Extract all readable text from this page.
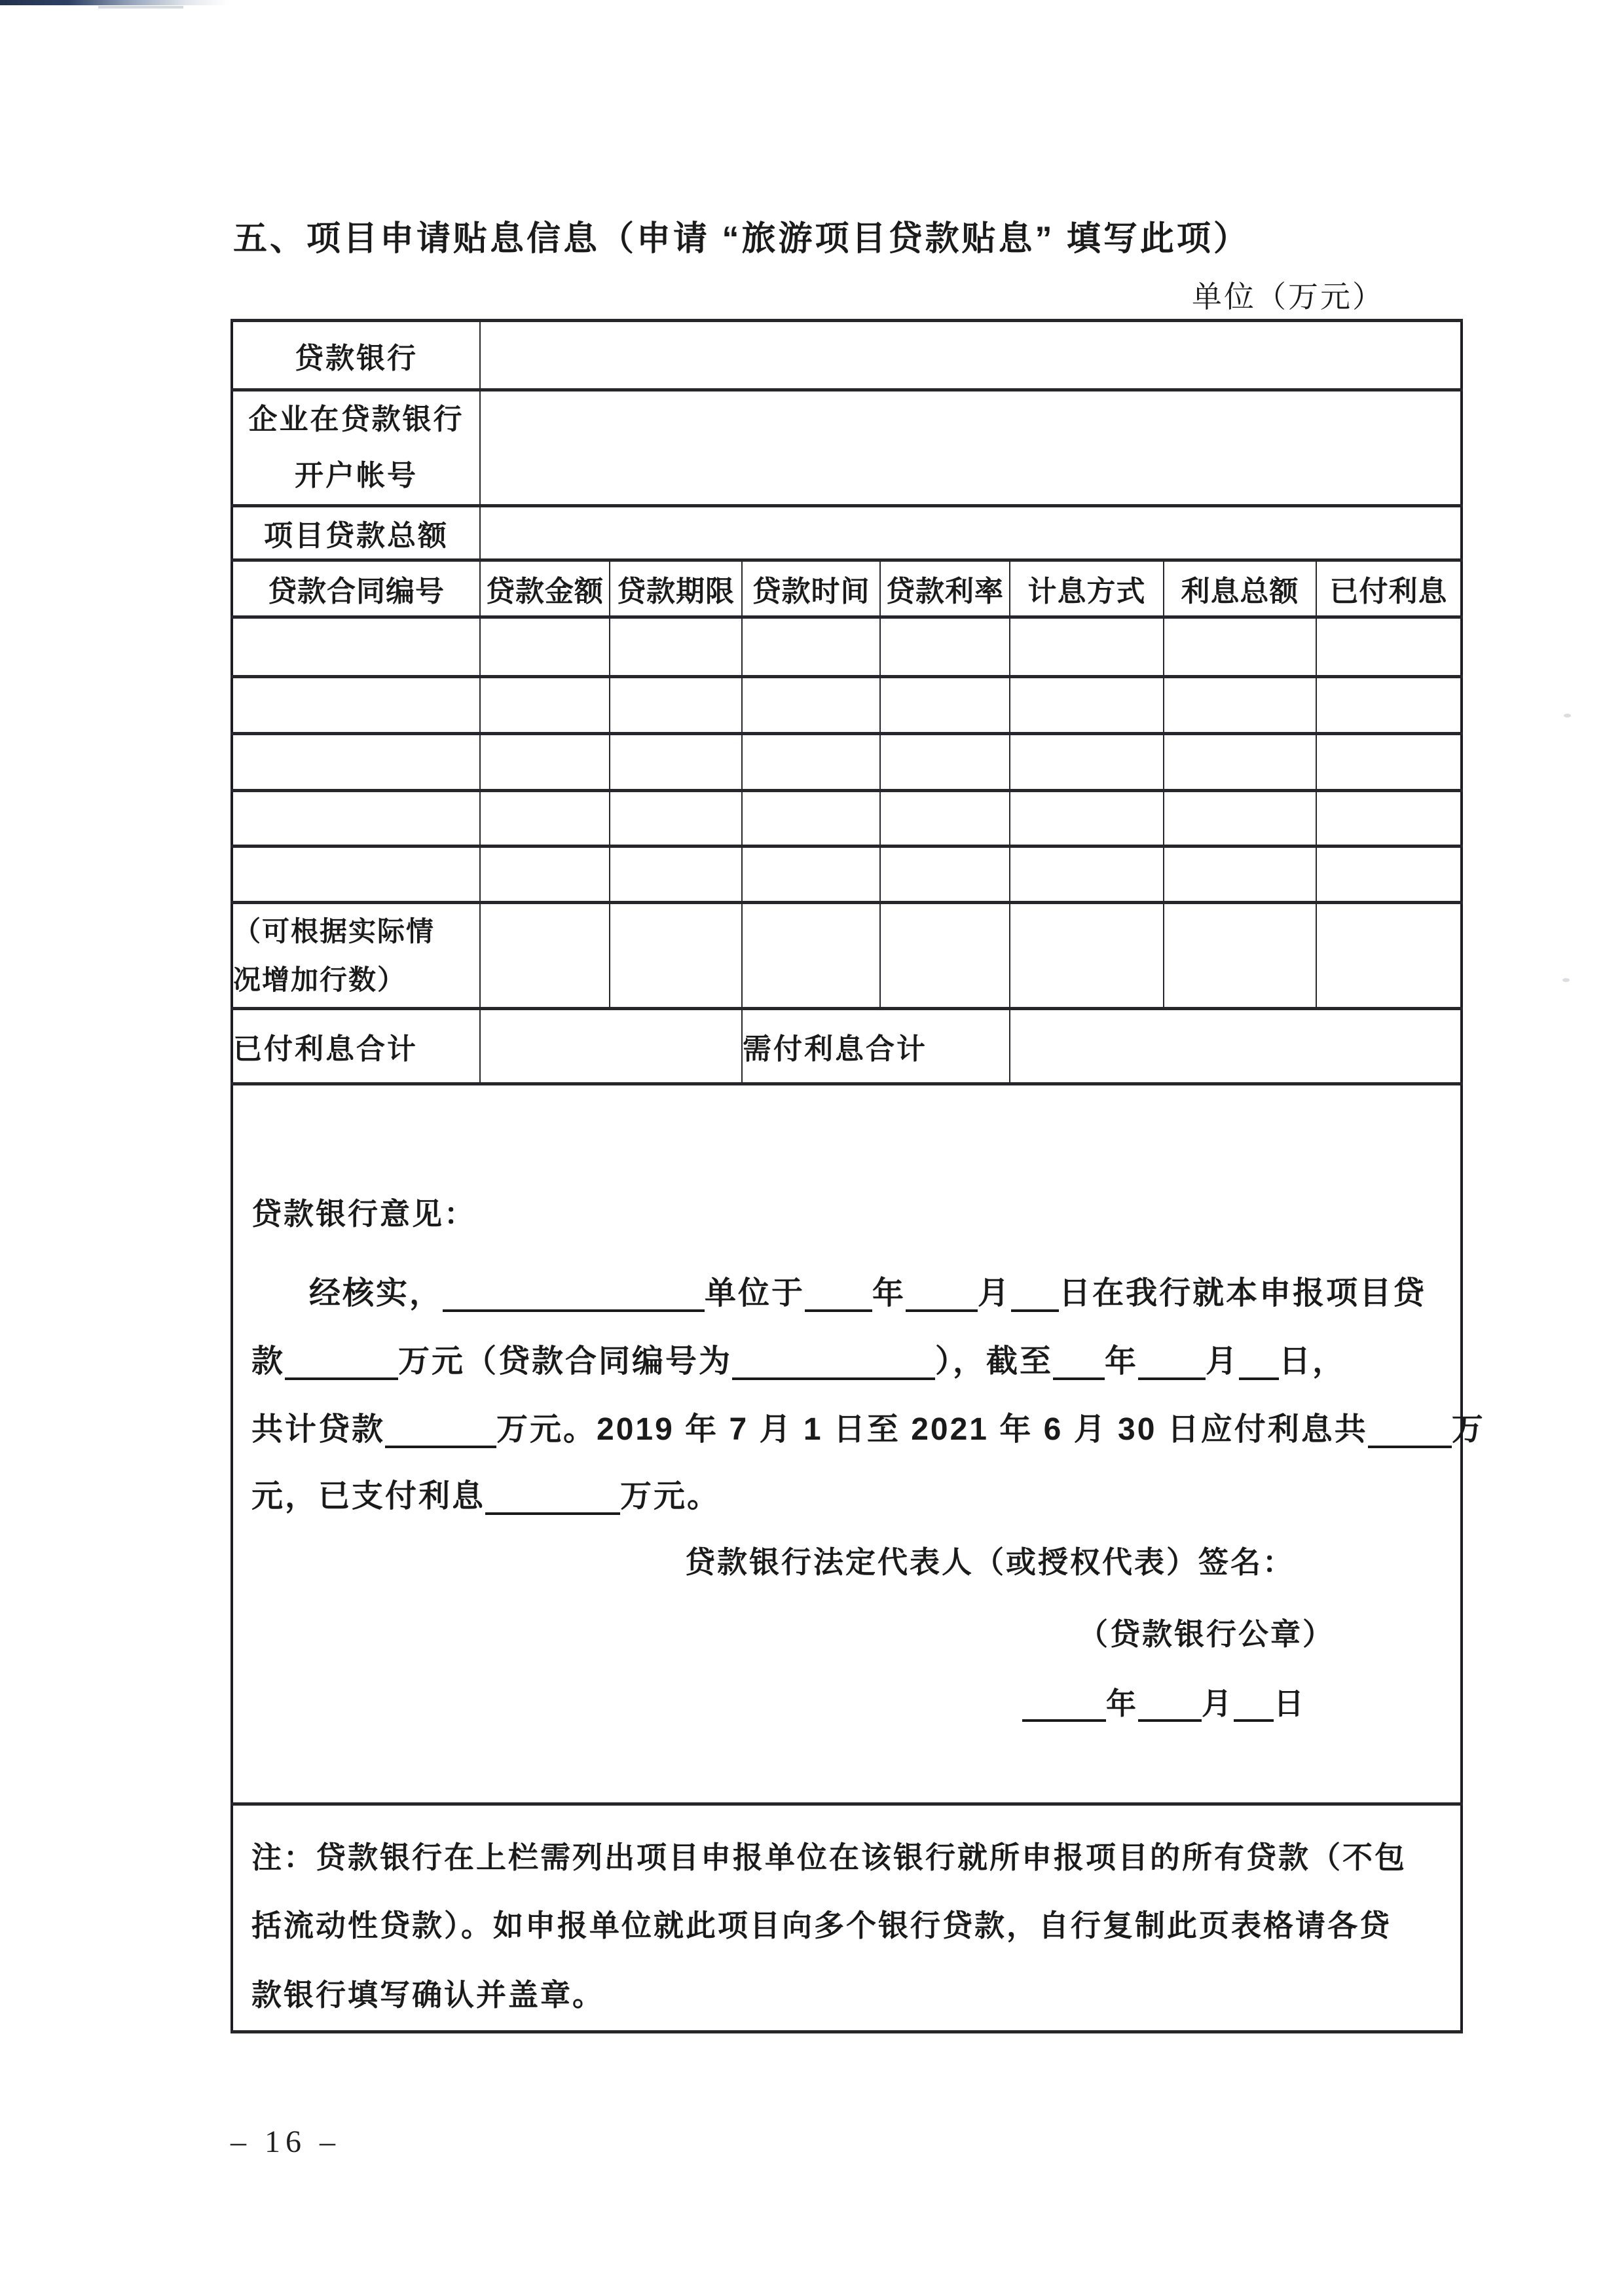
五、项目申请贴息信息（申请 “旅游项目贷款贴息” 填写此项）
单位（万元）
贷款银行							

企业在贷款银行
开户帐号							

项目贷款总额							
贷款合同编号	贷款金额	贷款期限	贷款时间	贷款利率	计息方式	利息总额	已付利息

（可根据实际情
况增加行数）							

已付利息合计			需付利息合计				

贷款银行意见：
经核实，	单位于 年 月 日在我行就本申报项目贷
款	万元（贷款合同编号为	），截至 年 月 日，
共计贷款	万元。2019 年 7 月 1 日至 2021 年 6 月 30 日应付利息共	万
元，已支付利息	万元。
贷款银行法定代表人（或授权代表）签名：
（贷款银行公章）
年 月 日

注：贷款银行在上栏需列出项目申报单位在该银行就所申报项目的所有贷款（不包
括流动性贷款）。如申报单位就此项目向多个银行贷款，自行复制此页表格请各贷
款银行填写确认并盖章。							
– 16 –
